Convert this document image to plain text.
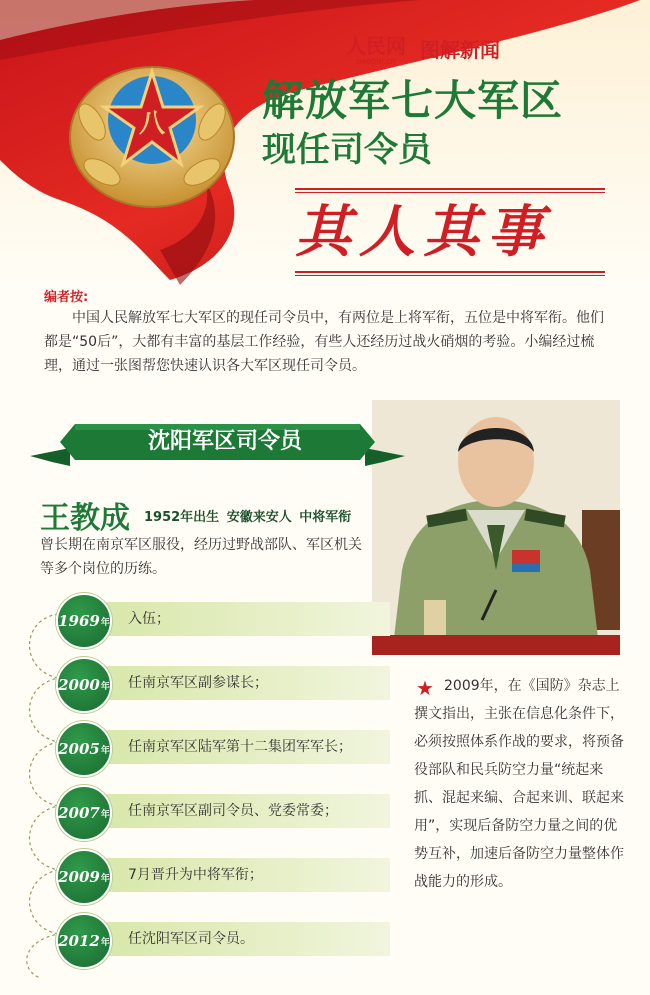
八
人民网
people.cn	图解新闻
解放军七大军区
现任司令员
其人其事
编者按:
中国人民解放军七大军区的现任司令员中，有两位是上将军衔，五位是中将军衔。他们都是“50后”，大都有丰富的基层工作经验，有些人还经历过战火硝烟的考验。小编经过梳理，通过一张图帮您快速认识各大军区现任司令员。
沈阳军区司令员
王教成 1952年出生 安徽来安人 中将军衔
曾长期在南京军区服役，经历过野战部队、军区机关等多个岗位的历练。
1969 年 入伍；
2000 年 任南京军区副参谋长；
2005 年 任南京军区陆军第十二集团军军长；
2007 年 任南京军区副司令员、党委常委；
2009 年 7月晋升为中将军衔；
2012 年 任沈阳军区司令员。
★ 2009年，在《国防》杂志上撰文指出，主张在信息化条件下，必须按照体系作战的要求，将预备役部队和民兵防空力量“统起来抓、混起来编、合起来训、联起来用”，实现后备防空力量之间的优势互补，加速后备防空力量整体作战能力的形成。
